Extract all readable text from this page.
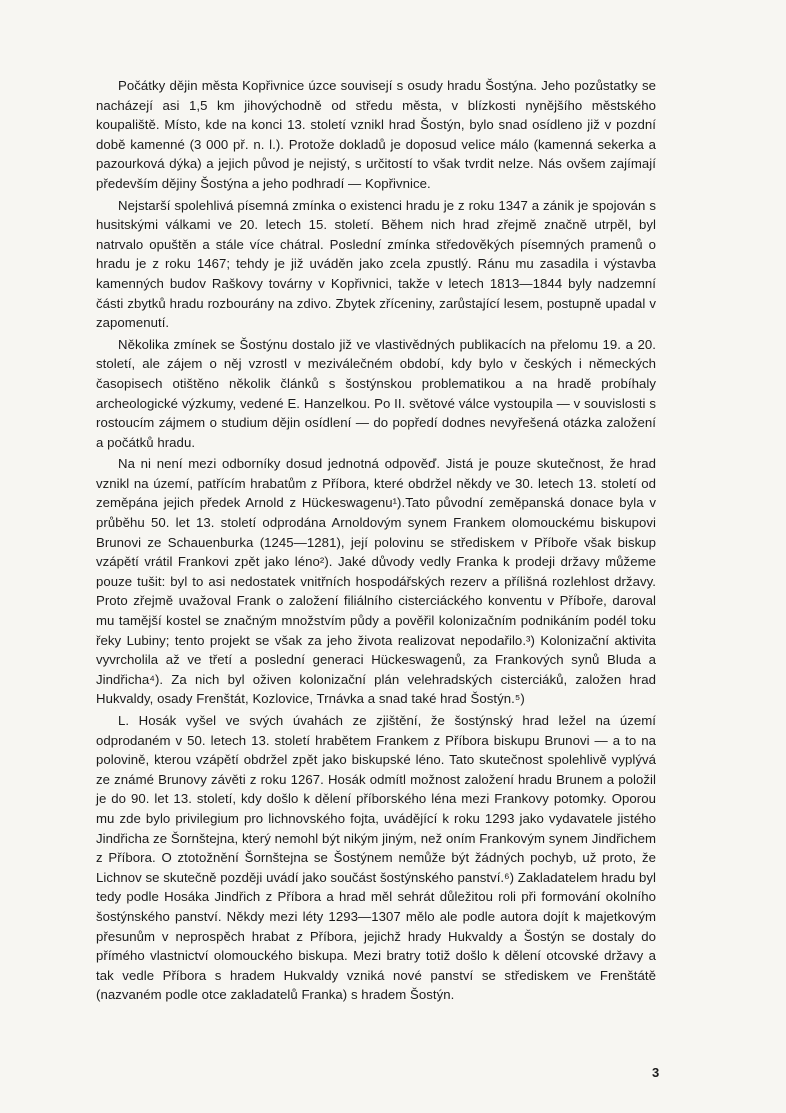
Počátky dějin města Kopřivnice úzce souvisejí s osudy hradu Šostýna. Jeho pozůstatky se nacházejí asi 1,5 km jihovýchodně od středu města, v blízkosti nynějšího městského koupaliště. Místo, kde na konci 13. století vznikl hrad Šostýn, bylo snad osídleno již v pozdní době kamenné (3 000 př. n. l.). Protože dokladů je doposud velice málo (kamenná sekerka a pazourková dýka) a jejich původ je nejistý, s určitostí to však tvrdit nelze. Nás ovšem zajímají především dějiny Šostýna a jeho podhradí — Kopřivnice.

Nejstarší spolehlivá písemná zmínka o existenci hradu je z roku 1347 a zánik je spojován s husitskými válkami ve 20. letech 15. století. Během nich hrad zřejmě značně utrpěl, byl natrvalo opuštěn a stále více chátral. Poslední zmínka středověkých písemných pramenů o hradu je z roku 1467; tehdy je již uváděn jako zcela zpustlý. Ránu mu zasadila i výstavba kamenných budov Raškovy továrny v Kopřivnici, takže v letech 1813—1844 byly nadzemní části zbytků hradu rozbourány na zdivo. Zbytek zříceniny, zarůstající lesem, postupně upadal v zapomenutí.

Několika zmínek se Šostýnu dostalo již ve vlastivědných publikacích na přelomu 19. a 20. století, ale zájem o něj vzrostl v meziválečném období, kdy bylo v českých i německých časopisech otištěno několik článků s šostýnskou problematikou a na hradě probíhaly archeologické výzkumy, vedené E. Hanzelkou. Po II. světové válce vystoupila — v souvislosti s rostoucím zájmem o studium dějin osídlení — do popředí dodnes nevyřešená otázka založení a počátků hradu.

Na ni není mezi odborníky dosud jednotná odpověď. Jistá je pouze skutečnost, že hrad vznikl na území, patřícím hrabatům z Příbora, které obdržel někdy ve 30. letech 13. století od zeměpána jejich předek Arnold z Hückeswagenu¹).Tato původní zeměpanská donace byla v průběhu 50. let 13. století odprodána Arnoldovým synem Frankem olomouckému biskupovi Brunovi ze Schauenburka (1245—1281), její polovinu se střediskem v Příboře však biskup vzápětí vrátil Frankovi zpět jako léno²). Jaké důvody vedly Franka k prodeji državy můžeme pouze tušit: byl to asi nedostatek vnitřních hospodářských rezerv a přílišná rozlehlost državy. Proto zřejmě uvažoval Frank o založení filiálního cisterciáckého konventu v Příboře, daroval mu tamější kostel se značným množstvím půdy a pověřil kolonizačním podnikáním podél toku řeky Lubiny; tento projekt se však za jeho života realizovat nepodařilo.³) Kolonizační aktivita vyvrcholila až ve třetí a poslední generaci Hückeswagenů, za Frankových synů Bluda a Jindřicha⁴). Za nich byl oživen kolonizační plán velehradských cisterciáků, založen hrad Hukvaldy, osady Frenštát, Kozlovice, Trnávka a snad také hrad Šostýn.⁵)

L. Hosák vyšel ve svých úvahách ze zjištění, že šostýnský hrad ležel na území odprodaném v 50. letech 13. století hrabětem Frankem z Příbora biskupu Brunovi — a to na polovině, kterou vzápětí obdržel zpět jako biskupské léno. Tato skutečnost spolehlivě vyplývá ze známé Brunovy závěti z roku 1267. Hosák odmítl možnost založení hradu Brunem a položil je do 90. let 13. století, kdy došlo k dělení příborského léna mezi Frankovy potomky. Oporou mu zde bylo privilegium pro lichnovského fojta, uvádějící k roku 1293 jako vydavatele jistého Jindřicha ze Šornštejna, který nemohl být nikým jiným, než oním Frankovým synem Jindřichem z Příbora. O ztotožnění Šornštejna se Šostýnem nemůže být žádných pochyb, už proto, že Lichnov se skutečně později uvádí jako součást šostýnského panství.⁶) Zakladatelem hradu byl tedy podle Hosáka Jindřich z Příbora a hrad měl sehrát důležitou roli při formování okolního šostýnského panství. Někdy mezi léty 1293—1307 mělo ale podle autora dojít k majetkovým přesunům v neprospěch hrabat z Příbora, jejichž hrady Hukvaldy a Šostýn se dostaly do přímého vlastnictví olomouckého biskupa. Mezi bratry totiž došlo k dělení otcovské državy a tak vedle Příbora s hradem Hukvaldy vzniká nové panství se střediskem ve Frenštátě (nazvaném podle otce zakladatelů Franka) s hradem Šostýn.

3
